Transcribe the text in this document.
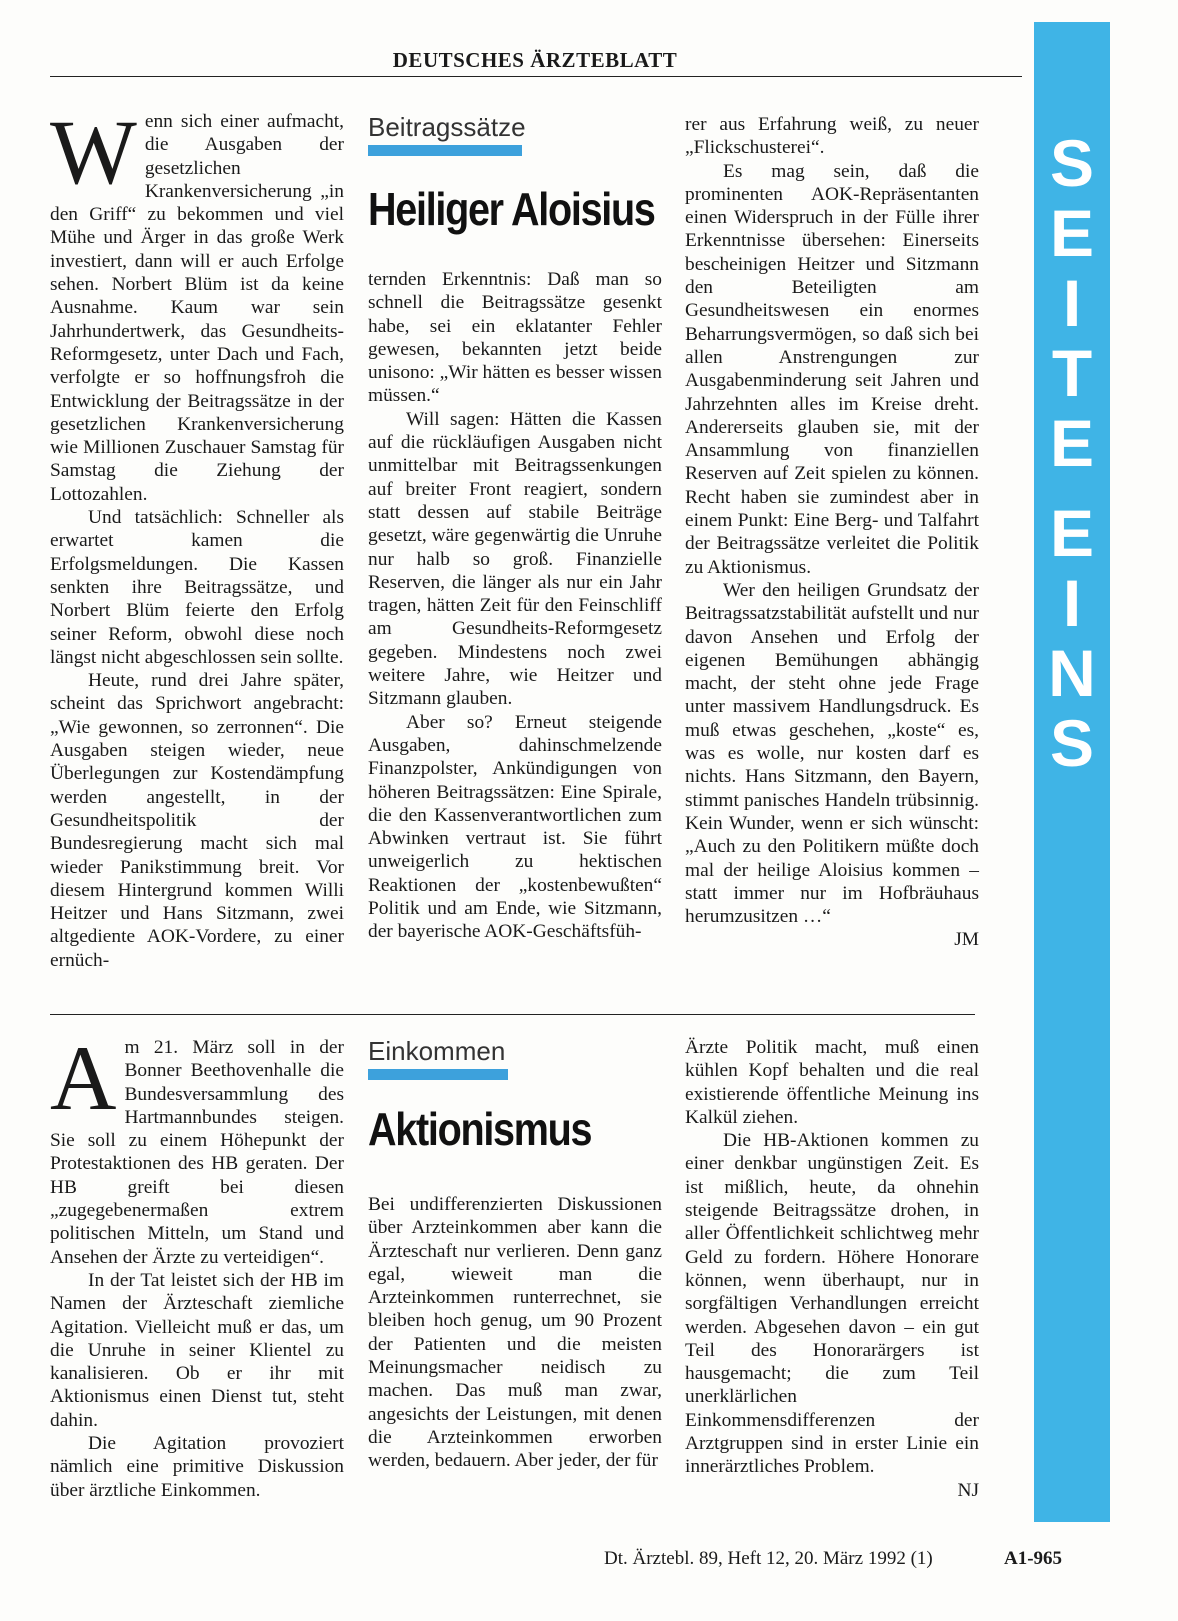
DEUTSCHES ÄRZTEBLATT
W enn sich einer aufmacht, die Ausgaben der gesetzlichen Krankenversicherung „in den Griff“ zu bekommen und viel Mühe und Ärger in das große Werk investiert, dann will er auch Erfolge sehen. Norbert Blüm ist da keine Ausnahme. Kaum war sein Jahrhundertwerk, das Gesundheits-Reformgesetz, unter Dach und Fach, verfolgte er so hoffnungsfroh die Entwicklung der Beitragssätze in der gesetzlichen Krankenversicherung wie Millionen Zuschauer Samstag für Samstag die Ziehung der Lottozahlen.

Und tatsächlich: Schneller als erwartet kamen die Erfolgsmeldungen. Die Kassen senkten ihre Beitragssätze, und Norbert Blüm feierte den Erfolg seiner Reform, obwohl diese noch längst nicht abgeschlossen sein sollte.

Heute, rund drei Jahre später, scheint das Sprichwort angebracht: „Wie gewonnen, so zerronnen“. Die Ausgaben steigen wieder, neue Überlegungen zur Kostendämpfung werden angestellt, in der Gesundheitspolitik der Bundesregierung macht sich mal wieder Panikstimmung breit. Vor diesem Hintergrund kommen Willi Heitzer und Hans Sitzmann, zwei altgediente AOK-Vordere, zu einer ernüch-

Beitragssätze
Heiliger Aloisius

ternden Erkenntnis: Daß man so schnell die Beitragssätze gesenkt habe, sei ein eklatanter Fehler gewesen, bekannten jetzt beide unisono: „Wir hätten es besser wissen müssen.“

Will sagen: Hätten die Kassen auf die rückläufigen Ausgaben nicht unmittelbar mit Beitragssenkungen auf breiter Front reagiert, sondern statt dessen auf stabile Beiträge gesetzt, wäre gegenwärtig die Unruhe nur halb so groß. Finanzielle Reserven, die länger als nur ein Jahr tragen, hätten Zeit für den Feinschliff am Gesundheits-Reformgesetz gegeben. Mindestens noch zwei weitere Jahre, wie Heitzer und Sitzmann glauben.

Aber so? Erneut steigende Ausgaben, dahinschmelzende Finanzpolster, Ankündigungen von höheren Beitragssätzen: Eine Spirale, die den Kassenverantwortlichen zum Abwinken vertraut ist. Sie führt unweigerlich zu hektischen Reaktionen der „kostenbewußten“ Politik und am Ende, wie Sitzmann, der bayerische AOK-Geschäftsfüh-

rer aus Erfahrung weiß, zu neuer „Flickschusterei“.

Es mag sein, daß die prominenten AOK-Repräsentanten einen Widerspruch in der Fülle ihrer Erkenntnisse übersehen: Einerseits bescheinigen Heitzer und Sitzmann den Beteiligten am Gesundheitswesen ein enormes Beharrungsvermögen, so daß sich bei allen Anstrengungen zur Ausgabenminderung seit Jahren und Jahrzehnten alles im Kreise dreht. Andererseits glauben sie, mit der Ansammlung von finanziellen Reserven auf Zeit spielen zu können. Recht haben sie zumindest aber in einem Punkt: Eine Berg- und Talfahrt der Beitragssätze verleitet die Politik zu Aktionismus.

Wer den heiligen Grundsatz der Beitragssatzstabilität aufstellt und nur davon Ansehen und Erfolg der eigenen Bemühungen abhängig macht, der steht ohne jede Frage unter massivem Handlungsdruck. Es muß etwas geschehen, „koste“ es, was es wolle, nur kosten darf es nichts. Hans Sitzmann, den Bayern, stimmt panisches Handeln trübsinnig. Kein Wunder, wenn er sich wünscht: „Auch zu den Politikern müßte doch mal der heilige Aloisius kommen – statt immer nur im Hofbräuhaus herumzusitzen …“

JM

A m 21. März soll in der Bonner Beethovenhalle die Bundesversammlung des Hartmannbundes steigen. Sie soll zu einem Höhepunkt der Protestaktionen des HB geraten. Der HB greift bei diesen „zugegebenermaßen extrem politischen Mitteln, um Stand und Ansehen der Ärzte zu verteidigen“.

In der Tat leistet sich der HB im Namen der Ärzteschaft ziemliche Agitation. Vielleicht muß er das, um die Unruhe in seiner Klientel zu kanalisieren. Ob er ihr mit Aktionismus einen Dienst tut, steht dahin.

Die Agitation provoziert nämlich eine primitive Diskussion über ärztliche Einkommen.

Einkommen
Aktionismus

Bei undifferenzierten Diskussionen über Arzteinkommen aber kann die Ärzteschaft nur verlieren. Denn ganz egal, wieweit man die Arzteinkommen runterrechnet, sie bleiben hoch genug, um 90 Prozent der Patienten und die meisten Meinungsmacher neidisch zu machen. Das muß man zwar, angesichts der Leistungen, mit denen die Arzteinkommen erworben werden, bedauern. Aber jeder, der für

Ärzte Politik macht, muß einen kühlen Kopf behalten und die real existierende öffentliche Meinung ins Kalkül ziehen.

Die HB-Aktionen kommen zu einer denkbar ungünstigen Zeit. Es ist mißlich, heute, da ohnehin steigende Beitragssätze drohen, in aller Öffentlichkeit schlichtweg mehr Geld zu fordern. Höhere Honorare können, wenn überhaupt, nur in sorgfältigen Verhandlungen erreicht werden. Abgesehen davon – ein gut Teil des Honorarärgers ist hausgemacht; die zum Teil unerklärlichen Einkommensdifferenzen der Arztgruppen sind in erster Linie ein innerärztliches Problem.

NJ

S
E
I
T
E
E
I
N
S
Dt. Ärztebl. 89, Heft 12, 20. März 1992 (1)	A1-965
